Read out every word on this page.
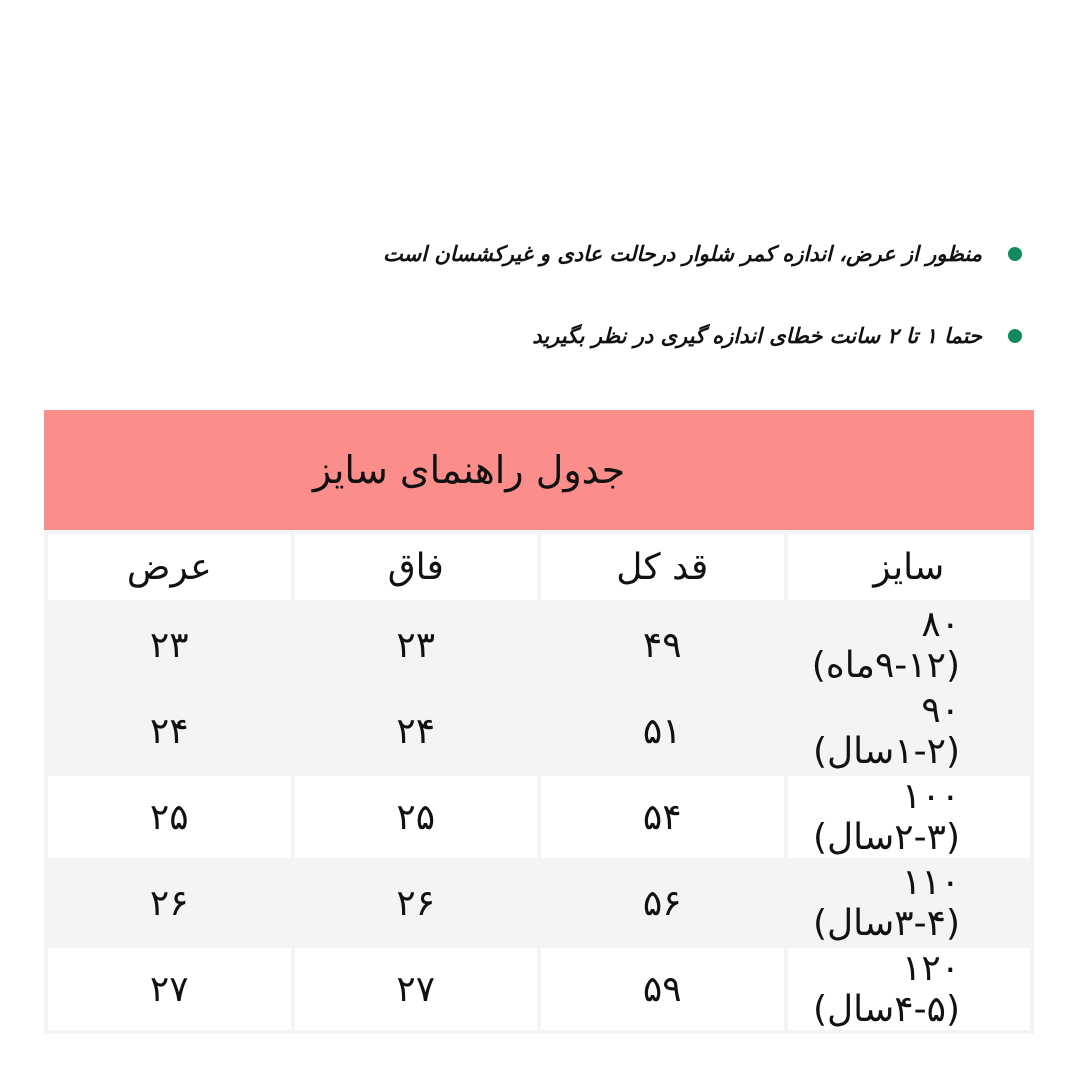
منظور از عرض، اندازه کمر شلوار درحالت عادی و غیرکشسان است
حتما ۱ تا ۲ سانت خطای اندازه گیری در نظر بگیرید
جدول راهنمای سایز
سایز	قد کل	فاق	عرض
۸۰ (۹-۱۲ماه)	۴۹	۲۳	۲۳
۹۰ (۱-۲سال)	۵۱	۲۴	۲۴
۱۰۰ (۲-۳سال)	۵۴	۲۵	۲۵
۱۱۰ (۳-۴سال)	۵۶	۲۶	۲۶
۱۲۰ (۴-۵سال)	۵۹	۲۷	۲۷
